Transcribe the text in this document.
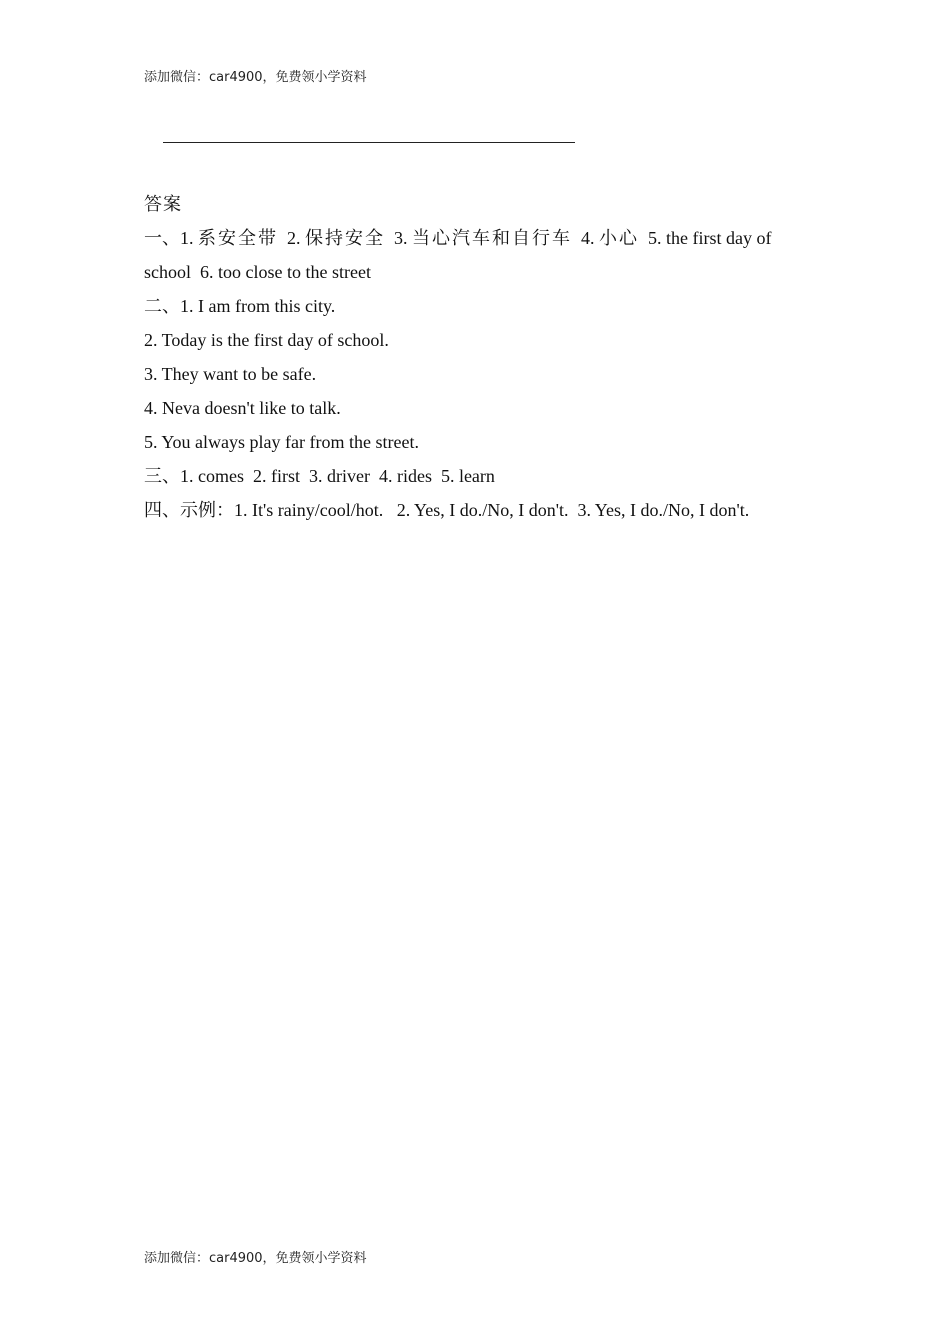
添加微信：car4900，免费领小学资料

答案

一、1. 系安全带  2. 保持安全  3. 当心汽车和自行车  4. 小心  5. the first day of

school  6. too close to the street

二、1. I am from this city.

2. Today is the first day of school.

3. They want to be safe.

4. Neva doesn't like to talk.

5. You always play far from the street.

三、1. comes  2. first  3. driver  4. rides  5. learn

四、示例：1. It's rainy/cool/hot.   2. Yes, I do./No, I don't.  3. Yes, I do./No, I don't.

添加微信：car4900，免费领小学资料
